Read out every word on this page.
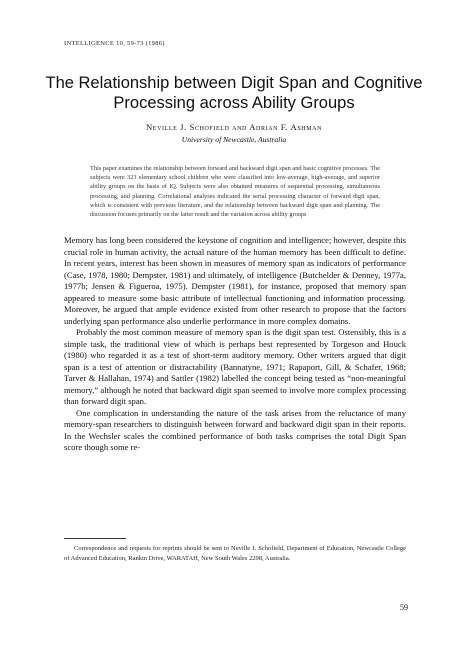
INTELLIGENCE 10, 59-73 (1986)
The Relationship between Digit Span and Cognitive Processing across Ability Groups
Neville J. Schofield and Adrian F. Ashman
University of Newcastle, Australia
This paper examines the relationship between forward and backward digit span and basic cognitive processes. The subjects were 323 elementary school children who were classified into low-average, high-average, and superior ability groups on the basis of IQ. Subjects were also obtained measures of sequential processing, simultaneous processing, and planning. Correlational analyses indicated the serial processing character of forward digit span, which is consistent with previous literature, and the relationship between backward digit span and planning. The discussion focuses primarily on the latter result and the variation across ability groups

Memory has long been considered the keystone of cognition and intelligence; however, despite this crucial role in human activity, the actual nature of the human memory has been difficult to define. In recent years, interest has been shown in measures of memory span as indicators of performance (Case, 1978, 1980; Dempster, 1981) and ultimately, of intelligence (Butchelder & Denney, 1977a, 1977b; Jensen & Figueroa, 1975). Dempster (1981), for instance, proposed that memory span appeared to measure some basic attribute of intellectual functioning and information processing. Moreover, he argued that ample evidence existed from other research to propose that the factors underlying span performance also underlie performance in more complex domains.

Probably the most common measure of memory span is the digit span test. Ostensibly, this is a simple task, the traditional view of which is perhaps best represented by Torgeson and Houck (1980) who regarded it as a test of short-term auditory memory. Other writers argued that digit span is a test of attention or distractability (Bannatyne, 1971; Rapaport, Gill, & Schafer, 1968; Tarver & Hallahan, 1974) and Sattler (1982) labelled the concept being tested as “non-meaningful memory,” although he noted that backward digit span seemed to involve more complex processing than forward digit span.

One complication in understanding the nature of the task arises from the reluctance of many memory-span researchers to distinguish between forward and backward digit span in their reports. In the Wechsler scales the combined performance of both tasks comprises the total Digit Span score though some re-

Correspondence and requests for reprints should be sent to Neville J. Schofield, Department of Education, Newcastle College of Advanced Education, Rankin Drive, WARATAH, New South Wales 2298, Australia.
59
